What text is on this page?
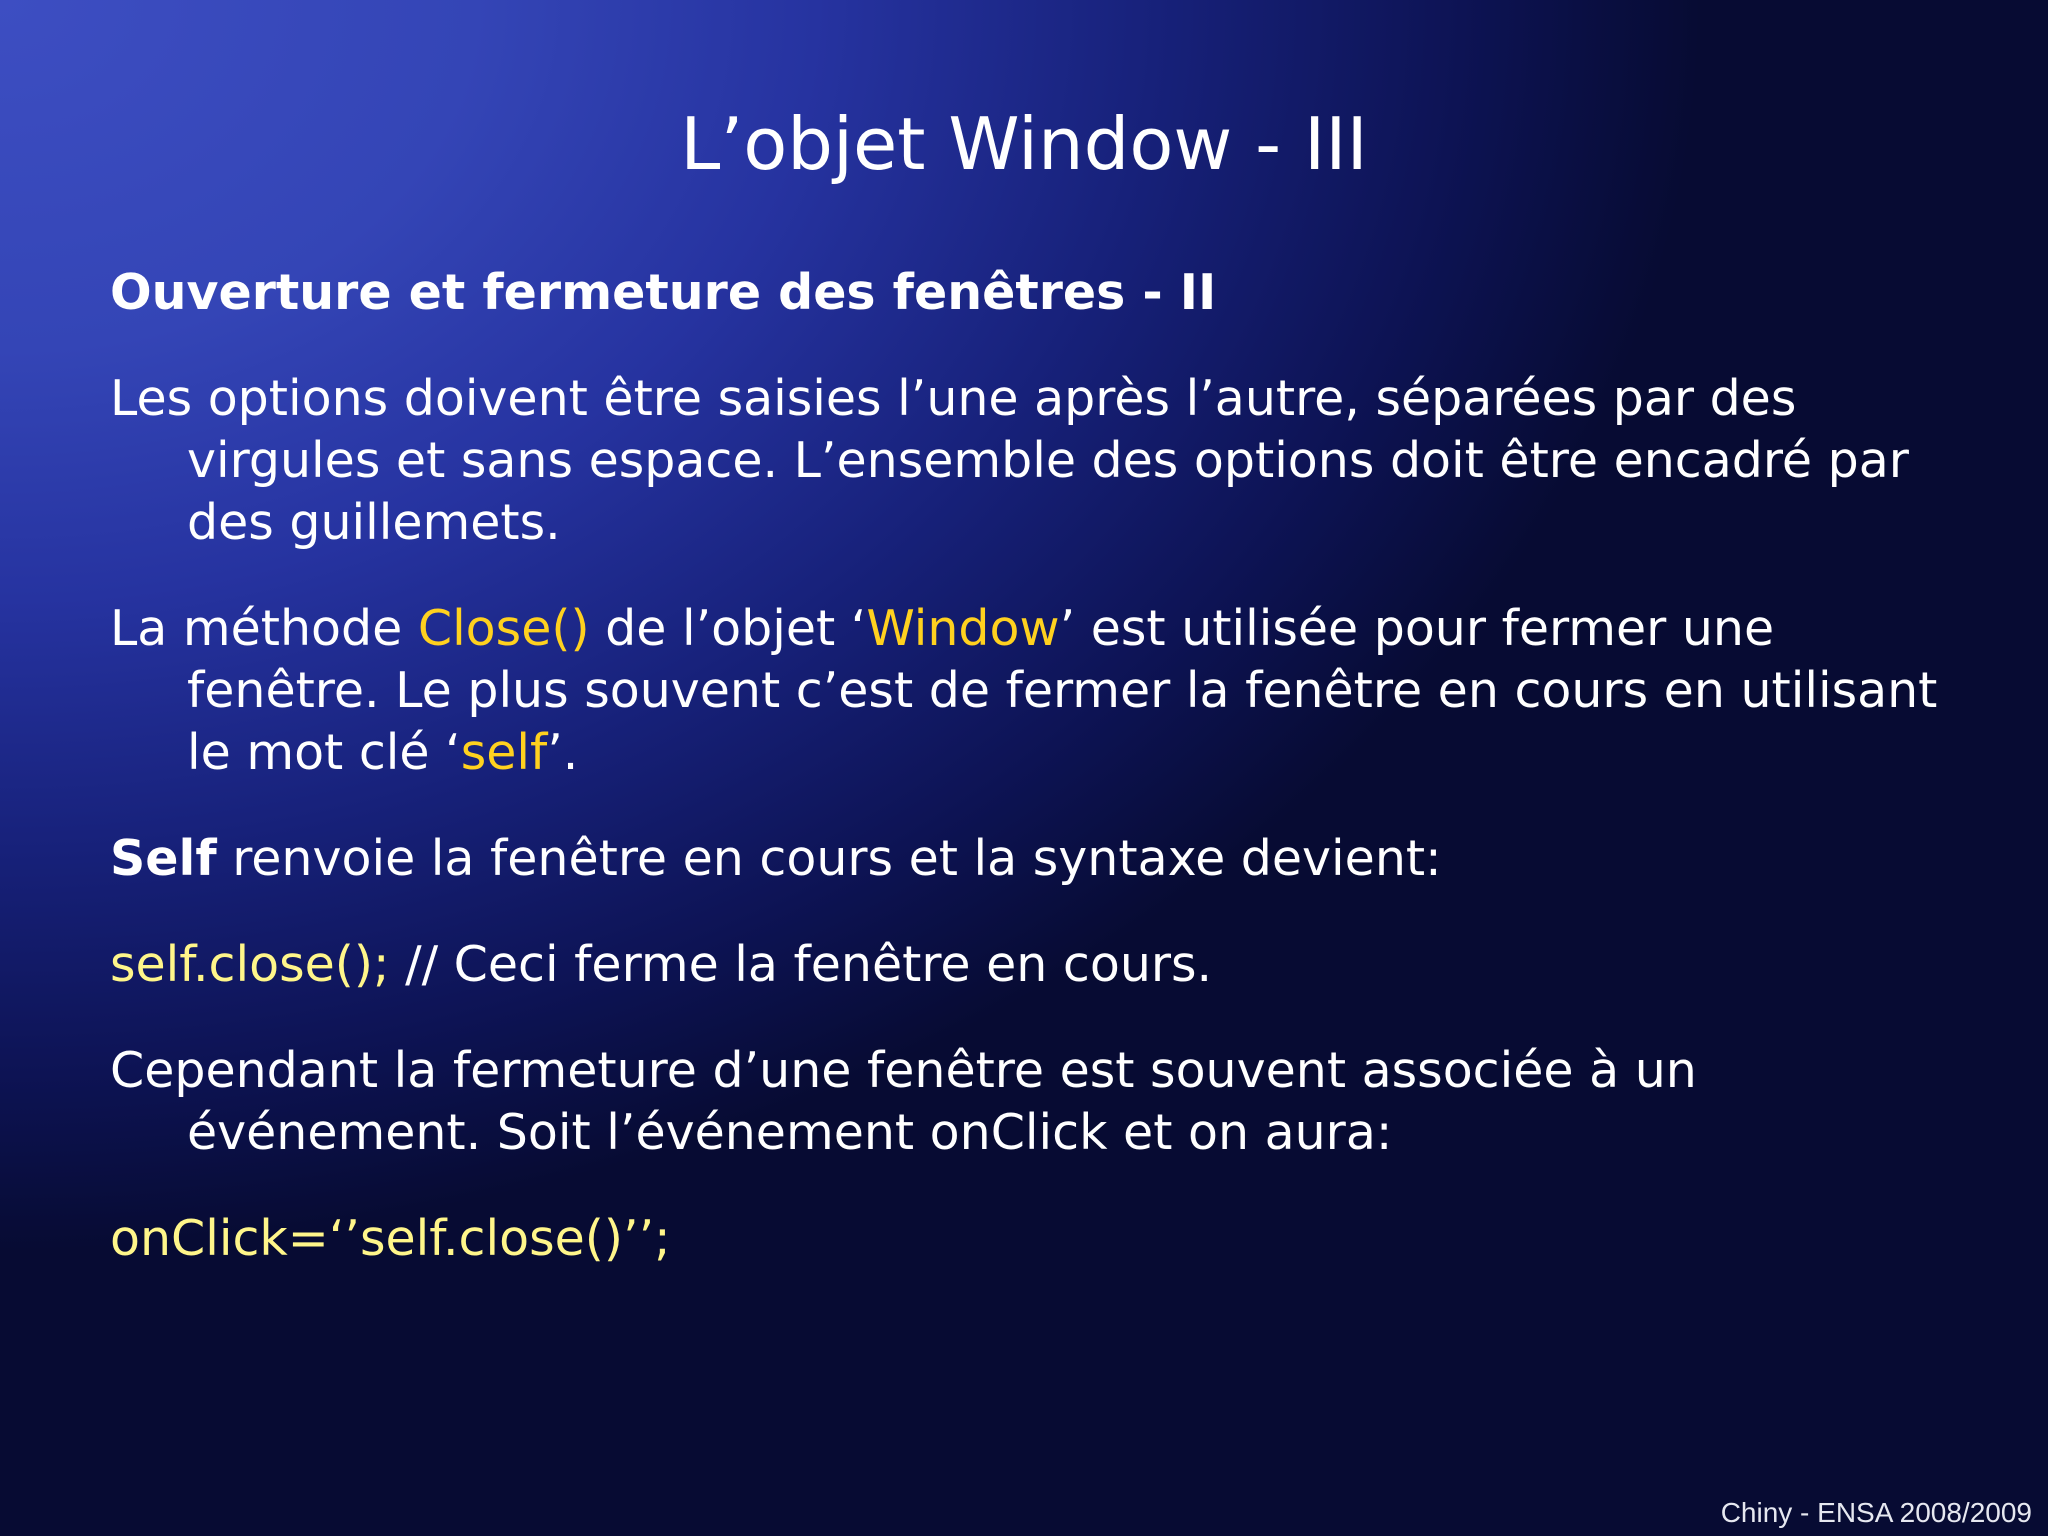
L’objet Window - III
Ouverture et fermeture des fenêtres - II
Les options doivent être saisies l’une après l’autre, séparées par des virgules et sans espace. L’ensemble des options doit être encadré par des guillemets.
La méthode Close() de l’objet ‘Window’ est utilisée pour fermer une fenêtre. Le plus souvent c’est de fermer la fenêtre en cours en utilisant le mot clé ‘self’.
Self renvoie la fenêtre en cours et la syntaxe devient:
self.close(); // Ceci ferme la fenêtre en cours.
Cependant la fermeture d’une fenêtre est souvent associée à un événement. Soit l’événement onClick et on aura:
onClick=‘’self.close()’’;
Chiny - ENSA 2008/2009
